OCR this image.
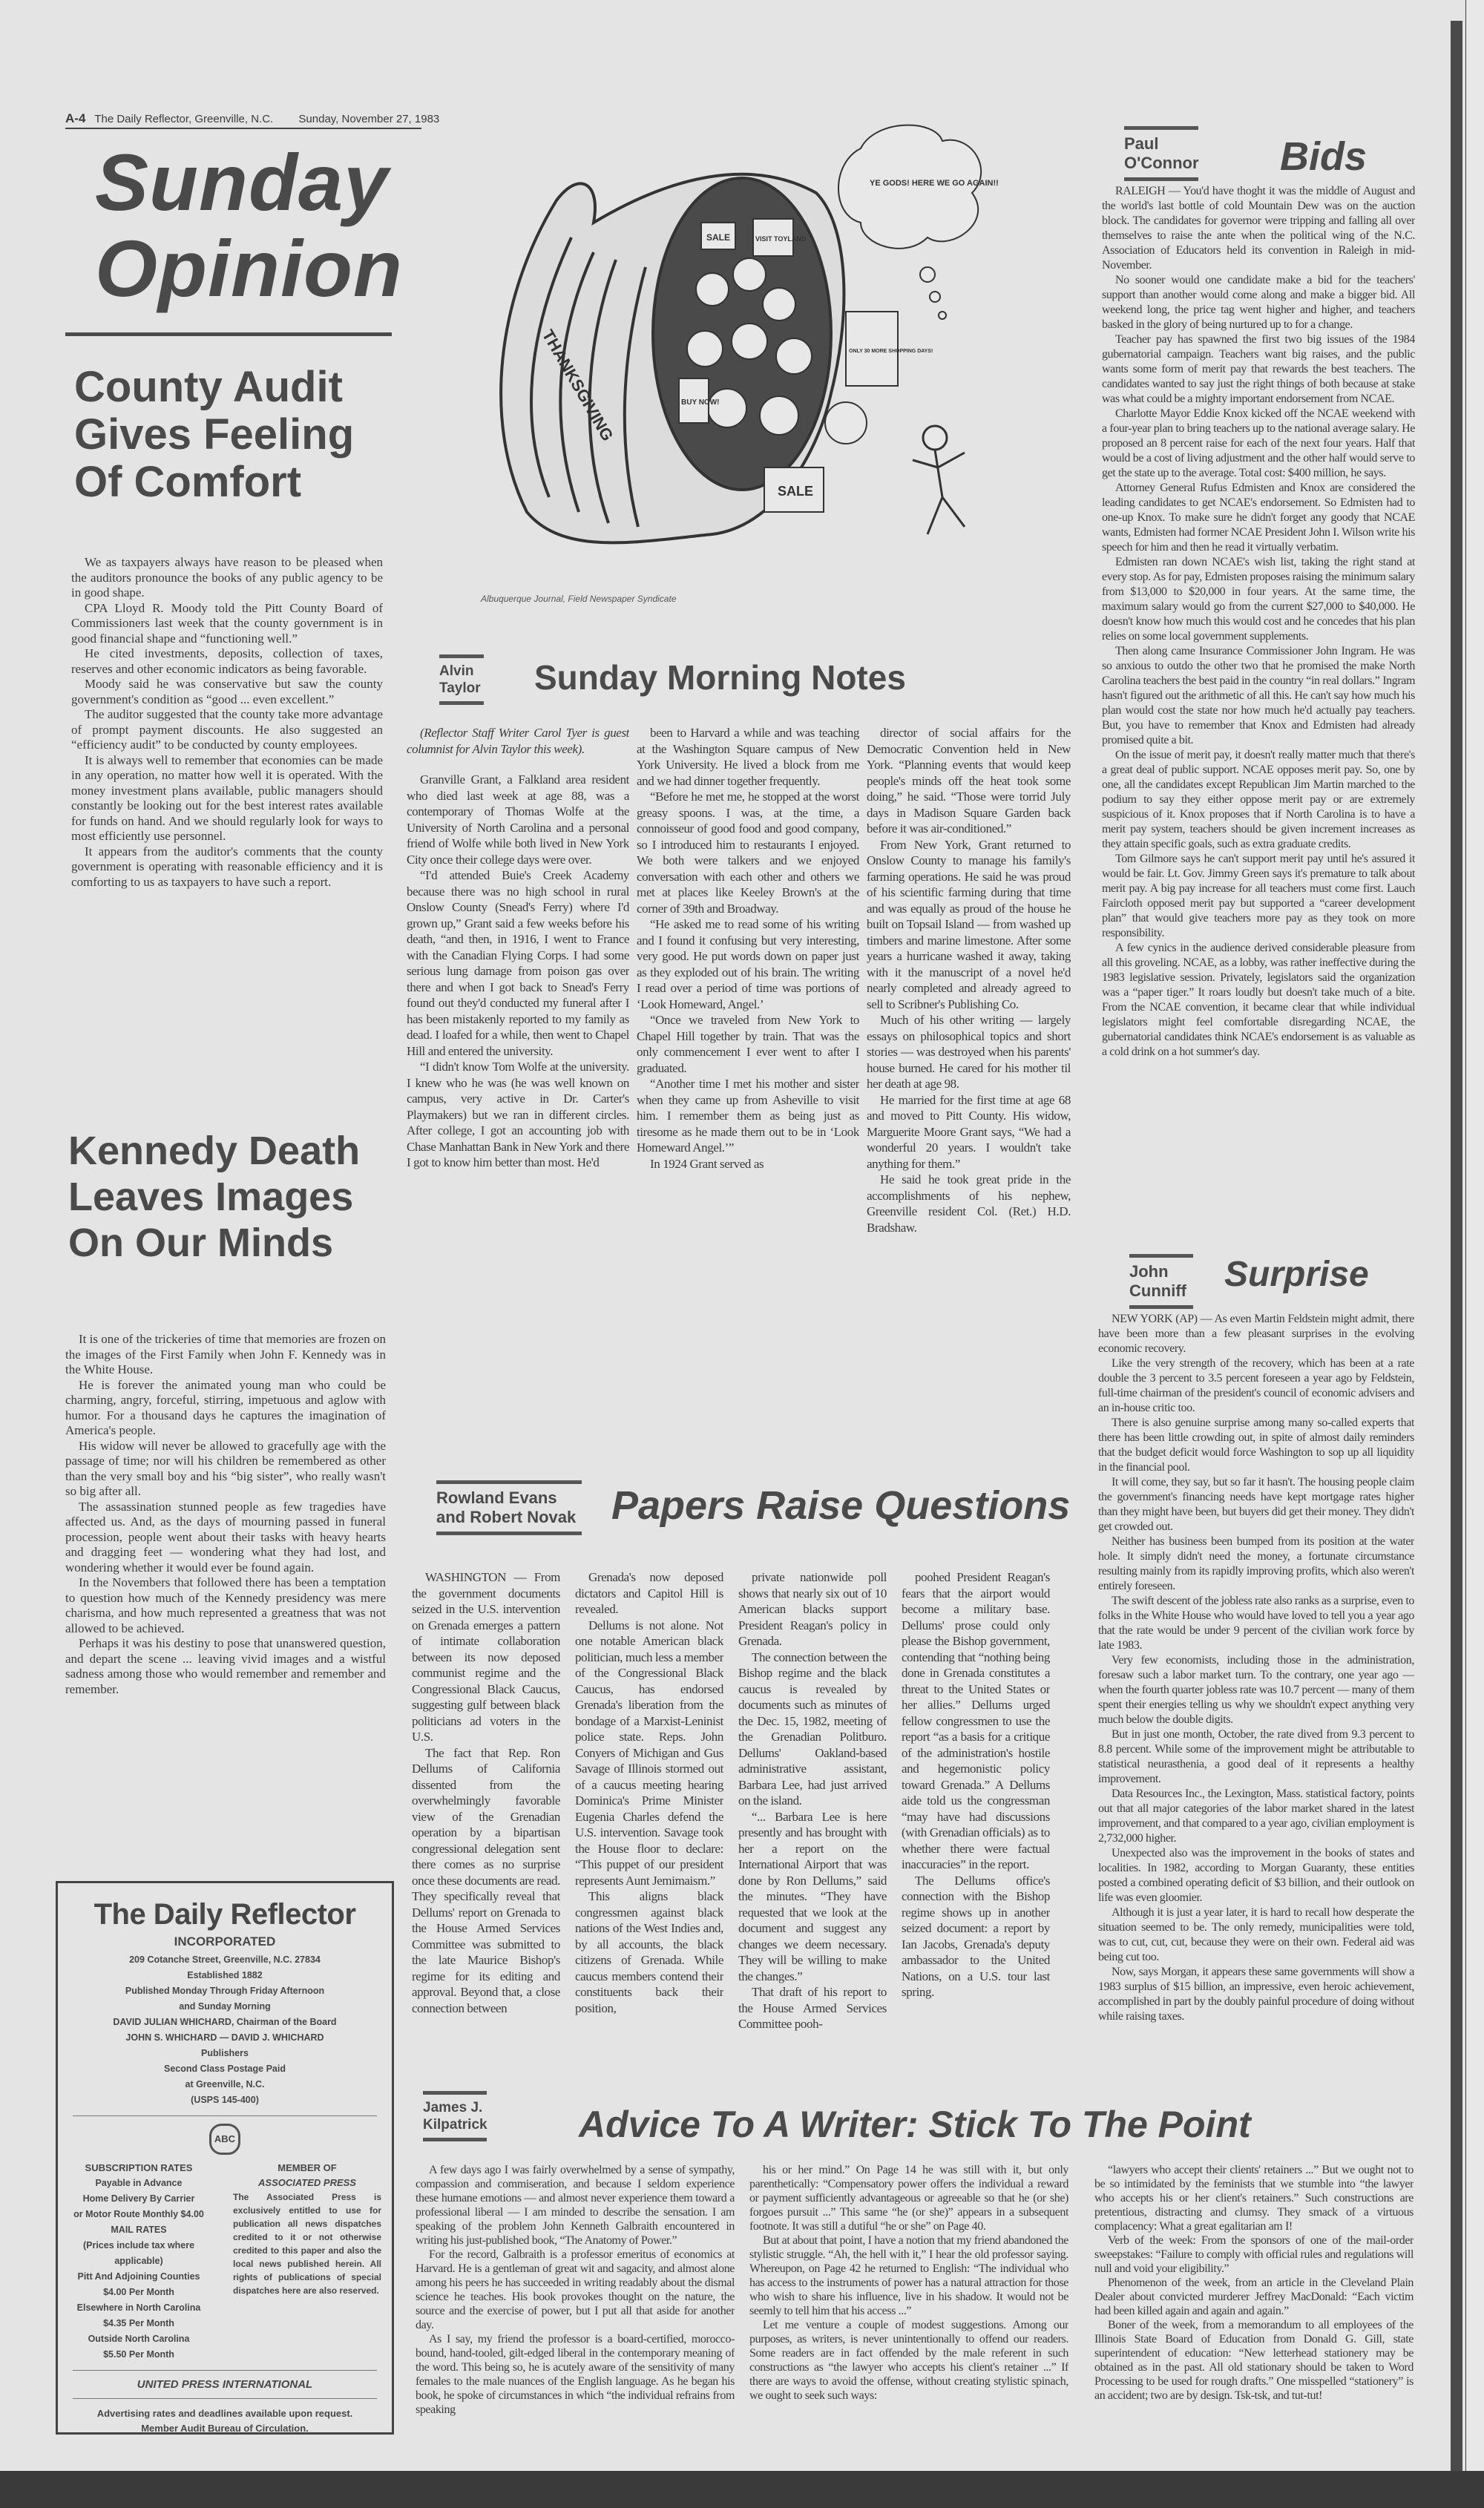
A-4 The Daily Reflector, Greenville, N.C. Sunday, November 27, 1983
Sunday
Opinion
County Audit
Gives Feeling
Of Comfort

We as taxpayers always have reason to be pleased when the auditors pronounce the books of any public agency to be in good shape.

CPA Lloyd R. Moody told the Pitt County Board of Commissioners last week that the county government is in good financial shape and “functioning well.”

He cited investments, deposits, collection of taxes, reserves and other economic indicators as being favorable.

Moody said he was conservative but saw the county government's condition as “good ... even excellent.”

The auditor suggested that the county take more advantage of prompt payment discounts. He also suggested an “efficiency audit” to be conducted by county employees.

It is always well to remember that economies can be made in any operation, no matter how well it is operated. With the money investment plans available, public managers should constantly be looking out for the best interest rates available for funds on hand. And we should regularly look for ways to most efficiently use personnel.

It appears from the auditor's comments that the county government is operating with reasonable efficiency and it is comforting to us as taxpayers to have such a report.

Kennedy Death
Leaves Images
On Our Minds

It is one of the trickeries of time that memories are frozen on the images of the First Family when John F. Kennedy was in the White House.

He is forever the animated young man who could be charming, angry, forceful, stirring, impetuous and aglow with humor. For a thousand days he captures the imagination of America's people.

His widow will never be allowed to gracefully age with the passage of time; nor will his children be remembered as other than the very small boy and his “big sister”, who really wasn't so big after all.

The assassination stunned people as few tragedies have affected us. And, as the days of mourning passed in funeral procession, people went about their tasks with heavy hearts and dragging feet — wondering what they had lost, and wondering whether it would ever be found again.

In the Novembers that followed there has been a temptation to question how much of the Kennedy presidency was mere charisma, and how much represented a greatness that was not allowed to be achieved.

Perhaps it was his destiny to pose that unanswered question, and depart the scene ... leaving vivid images and a wistful sadness among those who would remember and remember and remember.

The Daily Reflector
INCORPORATED
209 Cotanche Street, Greenville, N.C. 27834
Established 1882
Published Monday Through Friday Afternoon
and Sunday Morning
DAVID JULIAN WHICHARD, Chairman of the Board
JOHN S. WHICHARD — DAVID J. WHICHARD
Publishers
Second Class Postage Paid
at Greenville, N.C.
(USPS 145-400)
ABC
SUBSCRIPTION RATES
Payable in Advance
Home Delivery By Carrier
or Motor Route Monthly $4.00
MAIL RATES
(Prices include tax where applicable)
Pitt And Adjoining Counties
$4.00 Per Month
Elsewhere in North Carolina
$4.35 Per Month
Outside North Carolina
$5.50 Per Month
MEMBER OF
ASSOCIATED PRESS
The Associated Press is exclusively entitled to use for publication all news dispatches credited to it or not otherwise credited to this paper and also the local news published herein. All rights of publications of special dispatches here are also reserved.
UNITED PRESS INTERNATIONAL
Advertising rates and deadlines available upon request.
Member Audit Bureau of Circulation.
THANKSGIVING
SALE	VISIT TOYLAND
BUY NOW!
SALE
ONLY 30 MORE SHOPPING DAYS!
YE GODS! HERE WE GO AGAIN!!
Albuquerque Journal, Field Newspaper Syndicate
Alvin
Taylor Sunday Morning Notes

(Reflector Staff Writer Carol Tyer is guest columnist for Alvin Taylor this week).

Granville Grant, a Falkland area resident who died last week at age 88, was a contemporary of Thomas Wolfe at the University of North Carolina and a personal friend of Wolfe while both lived in New York City once their college days were over.

“I'd attended Buie's Creek Academy because there was no high school in rural Onslow County (Snead's Ferry) where I'd grown up,” Grant said a few weeks before his death, “and then, in 1916, I went to France with the Canadian Flying Corps. I had some serious lung damage from poison gas over there and when I got back to Snead's Ferry found out they'd conducted my funeral after I has been mistakenly reported to my family as dead. I loafed for a while, then went to Chapel Hill and entered the university.

“I didn't know Tom Wolfe at the university. I knew who he was (he was well known on campus, very active in Dr. Carter's Playmakers) but we ran in different circles. After college, I got an accounting job with Chase Manhattan Bank in New York and there I got to know him better than most. He'd

been to Harvard a while and was teaching at the Washington Square campus of New York University. He lived a block from me and we had dinner together frequently.

“Before he met me, he stopped at the worst greasy spoons. I was, at the time, a connoisseur of good food and good company, so I introduced him to restaurants I enjoyed. We both were talkers and we enjoyed conversation with each other and others we met at places like Keeley Brown's at the corner of 39th and Broadway.

“He asked me to read some of his writing and I found it confusing but very interesting, very good. He put words down on paper just as they exploded out of his brain. The writing I read over a period of time was portions of ‘Look Homeward, Angel.’

“Once we traveled from New York to Chapel Hill together by train. That was the only commencement I ever went to after I graduated.

“Another time I met his mother and sister when they came up from Asheville to visit him. I remember them as being just as tiresome as he made them out to be in ‘Look Homeward Angel.’”

In 1924 Grant served as

director of social affairs for the Democratic Convention held in New York. “Planning events that would keep people's minds off the heat took some doing,” he said. “Those were torrid July days in Madison Square Garden back before it was air-conditioned.”

From New York, Grant returned to Onslow County to manage his family's farming operations. He said he was proud of his scientific farming during that time and was equally as proud of the house he built on Topsail Island — from washed up timbers and marine limestone. After some years a hurricane washed it away, taking with it the manuscript of a novel he'd nearly completed and already agreed to sell to Scribner's Publishing Co.

Much of his other writing — largely essays on philosophical topics and short stories — was destroyed when his parents' house burned. He cared for his mother til her death at age 98.

He married for the first time at age 68 and moved to Pitt County. His widow, Marguerite Moore Grant says, “We had a wonderful 20 years. I wouldn't take anything for them.”

He said he took great pride in the accomplishments of his nephew, Greenville resident Col. (Ret.) H.D. Bradshaw.

Rowland Evans
and Robert Novak Papers Raise Questions

WASHINGTON — From the government documents seized in the U.S. intervention on Grenada emerges a pattern of intimate collaboration between its now deposed communist regime and the Congressional Black Caucus, suggesting gulf between black politicians ad voters in the U.S.

The fact that Rep. Ron Dellums of California dissented from the overwhelmingly favorable view of the Grenadian operation by a bipartisan congressional delegation sent there comes as no surprise once these documents are read. They specifically reveal that Dellums' report on Grenada to the House Armed Services Committee was submitted to the late Maurice Bishop's regime for its editing and approval. Beyond that, a close connection between

Grenada's now deposed dictators and Capitol Hill is revealed.

Dellums is not alone. Not one notable American black politician, much less a member of the Congressional Black Caucus, has endorsed Grenada's liberation from the bondage of a Marxist-Leninist police state. Reps. John Conyers of Michigan and Gus Savage of Illinois stormed out of a caucus meeting hearing Dominica's Prime Minister Eugenia Charles defend the U.S. intervention. Savage took the House floor to declare: “This puppet of our president represents Aunt Jemimaism.”

This aligns black congressmen against black nations of the West Indies and, by all accounts, the black citizens of Grenada. While caucus members contend their constituents back their position,

private nationwide poll shows that nearly six out of 10 American blacks support President Reagan's policy in Grenada.

The connection between the Bishop regime and the black caucus is revealed by documents such as minutes of the Dec. 15, 1982, meeting of the Grenadian Politburo. Dellums' Oakland-based administrative assistant, Barbara Lee, had just arrived on the island.

“... Barbara Lee is here presently and has brought with her a report on the International Airport that was done by Ron Dellums,” said the minutes. “They have requested that we look at the document and suggest any changes we deem necessary. They will be willing to make the changes.”

That draft of his report to the House Armed Services Committee pooh-

poohed President Reagan's fears that the airport would become a military base. Dellums' prose could only please the Bishop government, contending that “nothing being done in Grenada constitutes a threat to the United States or her allies.” Dellums urged fellow congressmen to use the report “as a basis for a critique of the administration's hostile and hegemonistic policy toward Grenada.” A Dellums aide told us the congressman “may have had discussions (with Grenadian officials) as to whether there were factual inaccuracies” in the report.

The Dellums office's connection with the Bishop regime shows up in another seized document: a report by Ian Jacobs, Grenada's deputy ambassador to the United Nations, on a U.S. tour last spring.

Paul
O'Connor Bids

RALEIGH — You'd have thoght it was the middle of August and the world's last bottle of cold Mountain Dew was on the auction block. The candidates for governor were tripping and falling all over themselves to raise the ante when the political wing of the N.C. Association of Educators held its convention in Raleigh in mid-November.

No sooner would one candidate make a bid for the teachers' support than another would come along and make a bigger bid. All weekend long, the price tag went higher and higher, and teachers basked in the glory of being nurtured up to for a change.

Teacher pay has spawned the first two big issues of the 1984 gubernatorial campaign. Teachers want big raises, and the public wants some form of merit pay that rewards the best teachers. The candidates wanted to say just the right things of both because at stake was what could be a mighty important endorsement from NCAE.

Charlotte Mayor Eddie Knox kicked off the NCAE weekend with a four-year plan to bring teachers up to the national average salary. He proposed an 8 percent raise for each of the next four years. Half that would be a cost of living adjustment and the other half would serve to get the state up to the average. Total cost: $400 million, he says.

Attorney General Rufus Edmisten and Knox are considered the leading candidates to get NCAE's endorsement. So Edmisten had to one-up Knox. To make sure he didn't forget any goody that NCAE wants, Edmisten had former NCAE President John I. Wilson write his speech for him and then he read it virtually verbatim.

Edmisten ran down NCAE's wish list, taking the right stand at every stop. As for pay, Edmisten proposes raising the minimum salary from $13,000 to $20,000 in four years. At the same time, the maximum salary would go from the current $27,000 to $40,000. He doesn't know how much this would cost and he concedes that his plan relies on some local government supplements.

Then along came Insurance Commissioner John Ingram. He was so anxious to outdo the other two that he promised the make North Carolina teachers the best paid in the country “in real dollars.” Ingram hasn't figured out the arithmetic of all this. He can't say how much his plan would cost the state nor how much he'd actually pay teachers. But, you have to remember that Knox and Edmisten had already promised quite a bit.

On the issue of merit pay, it doesn't really matter much that there's a great deal of public support. NCAE opposes merit pay. So, one by one, all the candidates except Republican Jim Martin marched to the podium to say they either oppose merit pay or are extremely suspicious of it. Knox proposes that if North Carolina is to have a merit pay system, teachers should be given increment increases as they attain specific goals, such as extra graduate credits.

Tom Gilmore says he can't support merit pay until he's assured it would be fair. Lt. Gov. Jimmy Green says it's premature to talk about merit pay. A big pay increase for all teachers must come first. Lauch Faircloth opposed merit pay but supported a “career development plan” that would give teachers more pay as they took on more responsibility.

A few cynics in the audience derived considerable pleasure from all this groveling. NCAE, as a lobby, was rather ineffective during the 1983 legislative session. Privately, legislators said the organization was a “paper tiger.” It roars loudly but doesn't take much of a bite. From the NCAE convention, it became clear that while individual legislators might feel comfortable disregarding NCAE, the gubernatorial candidates think NCAE's endorsement is as valuable as a cold drink on a hot summer's day.

John
Cunniff Surprise

NEW YORK (AP) — As even Martin Feldstein might admit, there have been more than a few pleasant surprises in the evolving economic recovery.

Like the very strength of the recovery, which has been at a rate double the 3 percent to 3.5 percent foreseen a year ago by Feldstein, full-time chairman of the president's council of economic advisers and an in-house critic too.

There is also genuine surprise among many so-called experts that there has been little crowding out, in spite of almost daily reminders that the budget deficit would force Washington to sop up all liquidity in the financial pool.

It will come, they say, but so far it hasn't. The housing people claim the government's financing needs have kept mortgage rates higher than they might have been, but buyers did get their money. They didn't get crowded out.

Neither has business been bumped from its position at the water hole. It simply didn't need the money, a fortunate circumstance resulting mainly from its rapidly improving profits, which also weren't entirely foreseen.

The swift descent of the jobless rate also ranks as a surprise, even to folks in the White House who would have loved to tell you a year ago that the rate would be under 9 percent of the civilian work force by late 1983.

Very few economists, including those in the administration, foresaw such a labor market turn. To the contrary, one year ago — when the fourth quarter jobless rate was 10.7 percent — many of them spent their energies telling us why we shouldn't expect anything very much below the double digits.

But in just one month, October, the rate dived from 9.3 percent to 8.8 percent. While some of the improvement might be attributable to statistical neurasthenia, a good deal of it represents a healthy improvement.

Data Resources Inc., the Lexington, Mass. statistical factory, points out that all major categories of the labor market shared in the latest improvement, and that compared to a year ago, civilian employment is 2,732,000 higher.

Unexpected also was the improvement in the books of states and localities. In 1982, according to Morgan Guaranty, these entities posted a combined operating deficit of $3 billion, and their outlook on life was even gloomier.

Although it is just a year later, it is hard to recall how desperate the situation seemed to be. The only remedy, municipalities were told, was to cut, cut, cut, because they were on their own. Federal aid was being cut too.

Now, says Morgan, it appears these same governments will show a 1983 surplus of $15 billion, an impressive, even heroic achievement, accomplished in part by the doubly painful procedure of doing without while raising taxes.

James J.
Kilpatrick Advice To A Writer: Stick To The Point

A few days ago I was fairly overwhelmed by a sense of sympathy, compassion and commiseration, and because I seldom experience these humane emotions — and almost never experience them toward a professional liberal — I am minded to describe the sensation. I am speaking of the problem John Kenneth Galbraith encountered in writing his just-published book, “The Anatomy of Power.”

For the record, Galbraith is a professor emeritus of economics at Harvard. He is a gentleman of great wit and sagacity, and almost alone among his peers he has succeeded in writing readably about the dismal science he teaches. His book provokes thought on the nature, the source and the exercise of power, but I put all that aside for another day.

As I say, my friend the professor is a board-certified, morocco-bound, hand-tooled, gilt-edged liberal in the contemporary meaning of the word. This being so, he is acutely aware of the sensitivity of many females to the male nuances of the English language. As he began his book, he spoke of circumstances in which “the individual refrains from speaking

his or her mind.” On Page 14 he was still with it, but only parenthetically: “Compensatory power offers the individual a reward or payment sufficiently advantageous or agreeable so that he (or she) forgoes pursuit ...” This same “he (or she)” appears in a subsequent footnote. It was still a dutiful “he or she” on Page 40.

But at about that point, I have a notion that my friend abandoned the stylistic struggle. “Ah, the hell with it,” I hear the old professor saying. Whereupon, on Page 42 he returned to English: “The individual who has access to the instruments of power has a natural attraction for those who wish to share his influence, live in his shadow. It would not be seemly to tell him that his access ...”

Let me venture a couple of modest suggestions. Among our purposes, as writers, is never unintentionally to offend our readers. Some readers are in fact offended by the male referent in such constructions as “the lawyer who accepts his client's retainer ...” If there are ways to avoid the offense, without creating stylistic spinach, we ought to seek such ways:

“lawyers who accept their clients' retainers ...” But we ought not to be so intimidated by the feminists that we stumble into “the lawyer who accepts his or her client's retainers.” Such constructions are pretentious, distracting and clumsy. They smack of a virtuous complacency: What a great egalitarian am I!

Verb of the week: From the sponsors of one of the mail-order sweepstakes: “Failure to comply with official rules and regulations will null and void your eligibility.”

Phenomenon of the week, from an article in the Cleveland Plain Dealer about convicted murderer Jeffrey MacDonald: “Each victim had been killed again and again and again.”

Boner of the week, from a memorandum to all employees of the Illinois State Board of Education from Donald G. Gill, state superintendent of education: “New letterhead stationery may be obtained as in the past. All old stationary should be taken to Word Processing to be used for rough drafts.” One misspelled “stationery” is an accident; two are by design. Tsk-tsk, and tut-tut!
